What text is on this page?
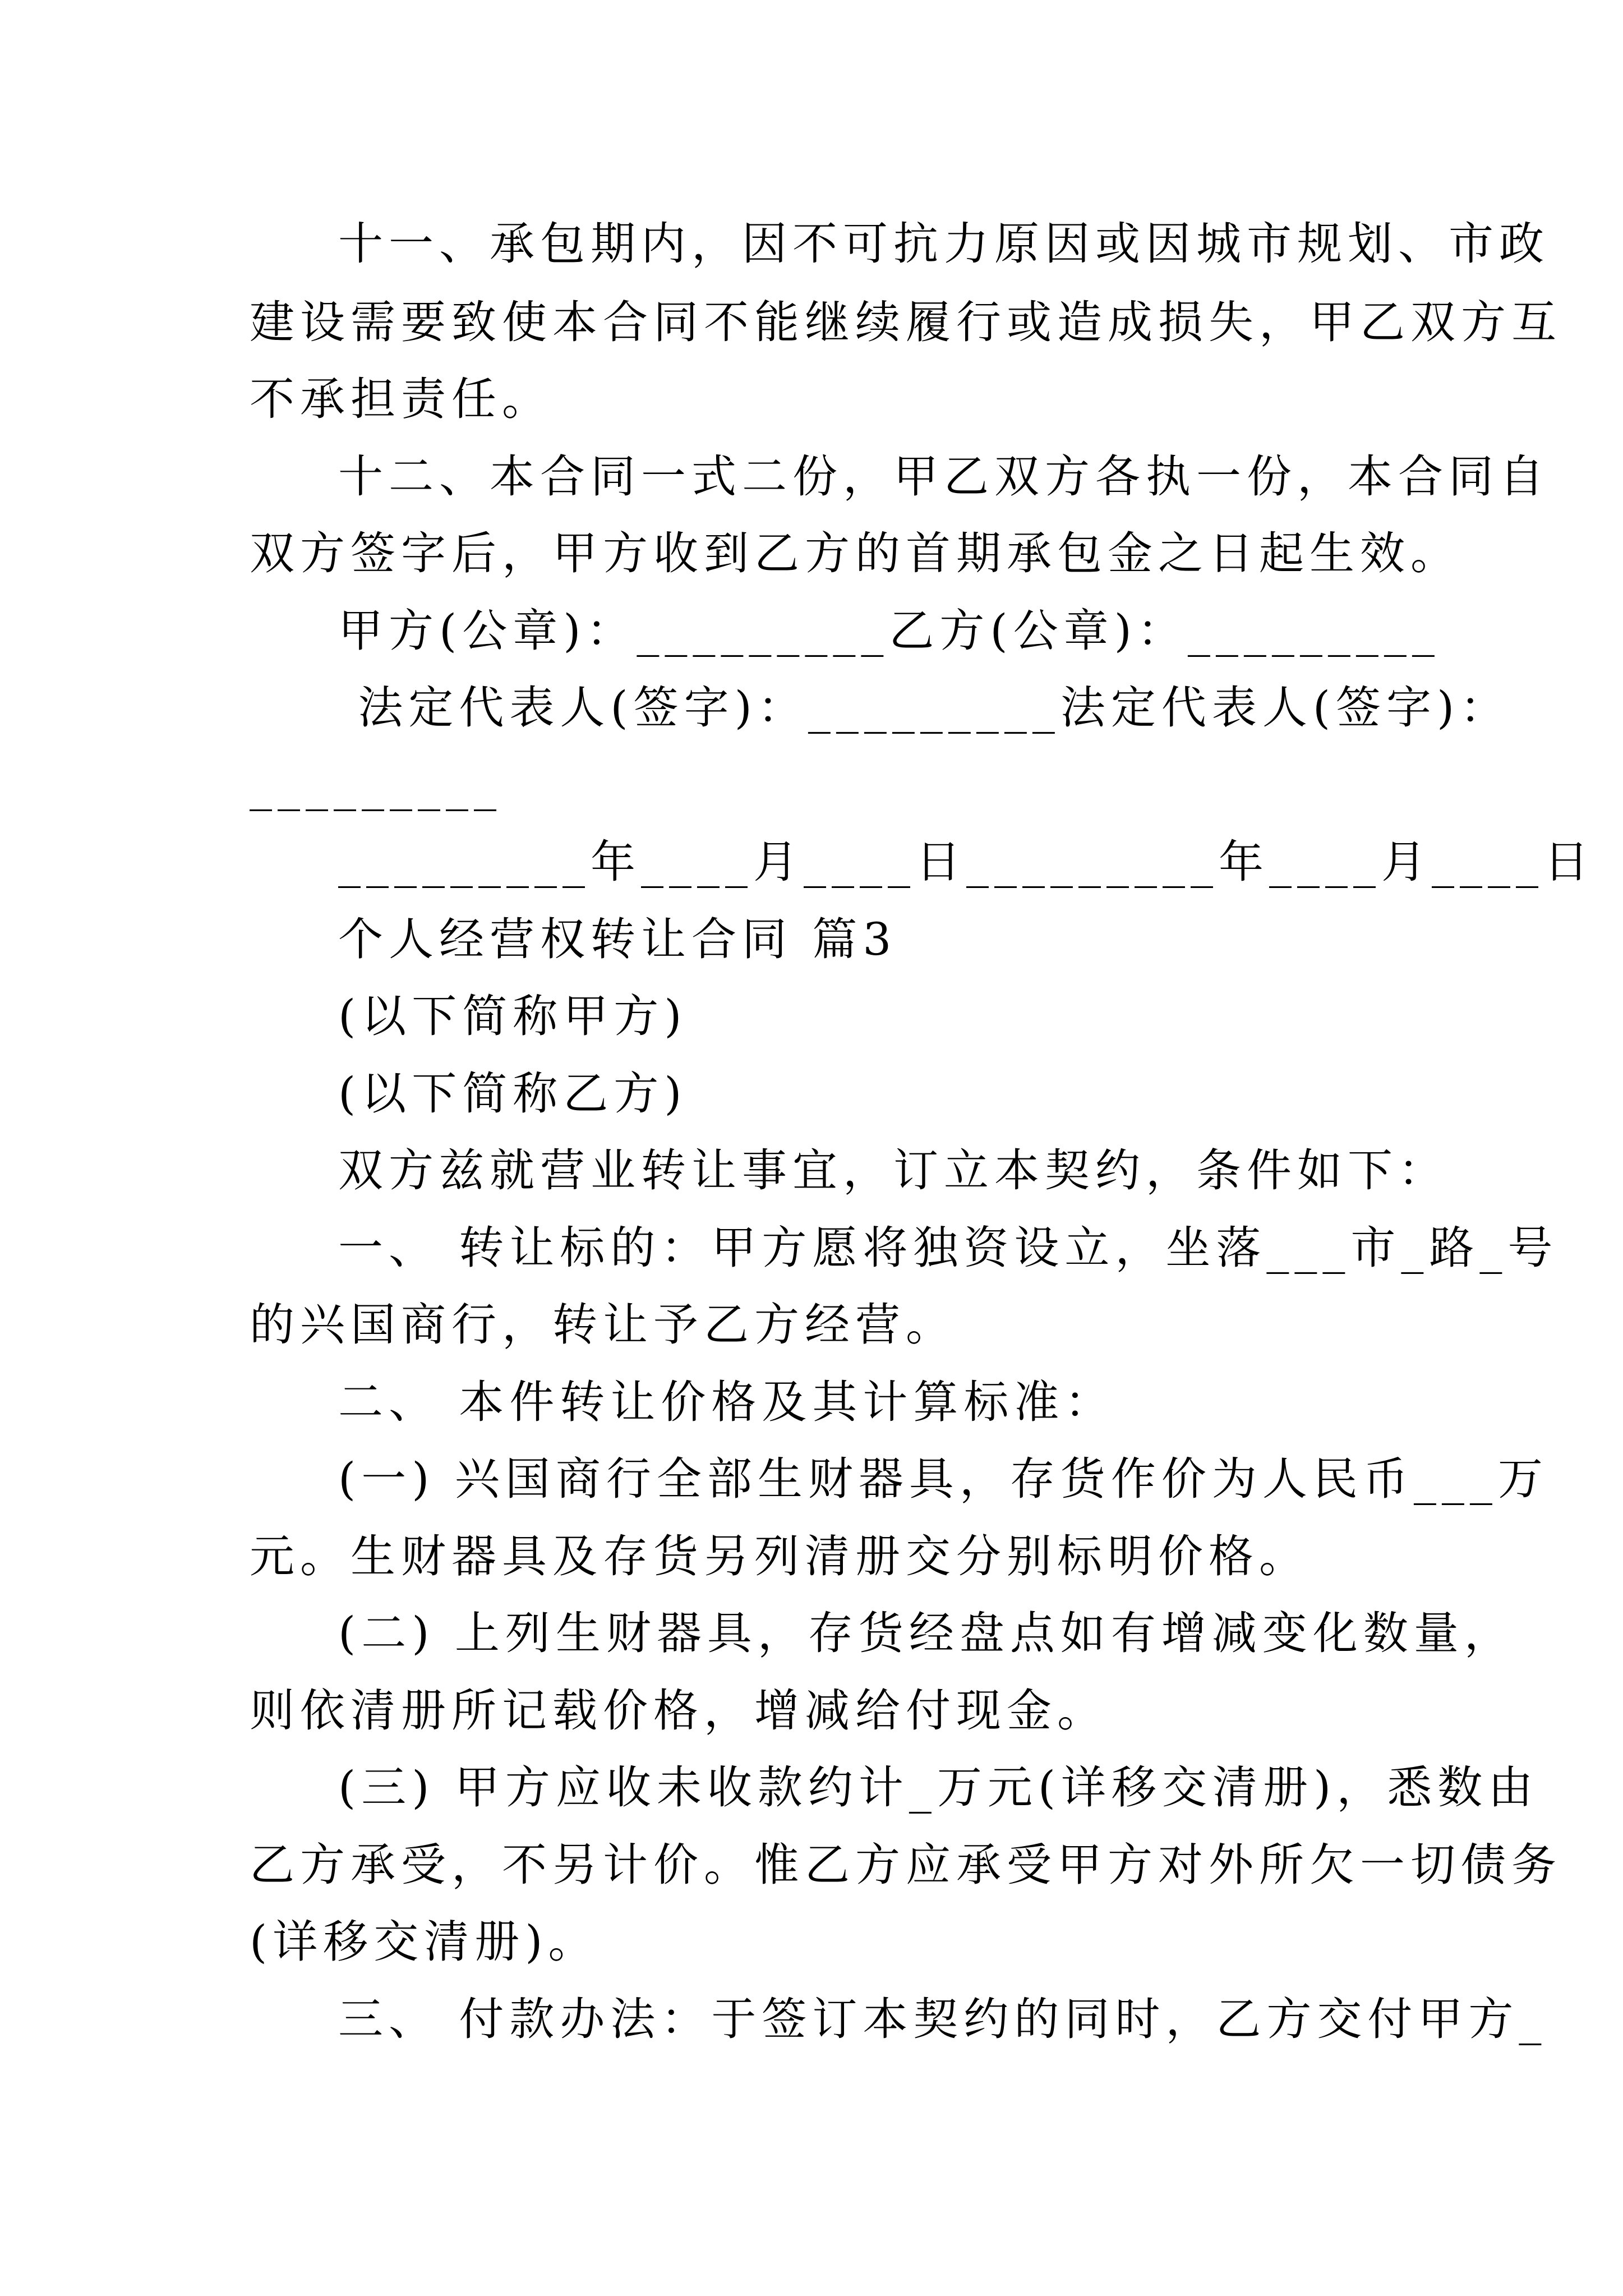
十一、承包期内，因不可抗力原因或因城市规划、市政
建设需要致使本合同不能继续履行或造成损失，甲乙双方互
不承担责任。
十二、本合同一式二份，甲乙双方各执一份，本合同自
双方签字后，甲方收到乙方的首期承包金之日起生效。
甲方(公章)：_________乙方(公章)：_________
法定代表人(签字)：_________法定代表人(签字)：
_________
_________年____月____日_________年____月____日
个人经营权转让合同 篇3
(以下简称甲方)
(以下简称乙方)
双方兹就营业转让事宜，订立本契约，条件如下：
一、 转让标的：甲方愿将独资设立，坐落___市_路_号
的兴国商行，转让予乙方经营。
二、 本件转让价格及其计算标准：
(一) 兴国商行全部生财器具，存货作价为人民币___万
元。生财器具及存货另列清册交分别标明价格。
(二) 上列生财器具，存货经盘点如有增减变化数量，
则依清册所记载价格，增减给付现金。
(三) 甲方应收未收款约计_万元(详移交清册)，悉数由
乙方承受，不另计价。惟乙方应承受甲方对外所欠一切债务
(详移交清册)。
三、 付款办法：于签订本契约的同时，乙方交付甲方_
